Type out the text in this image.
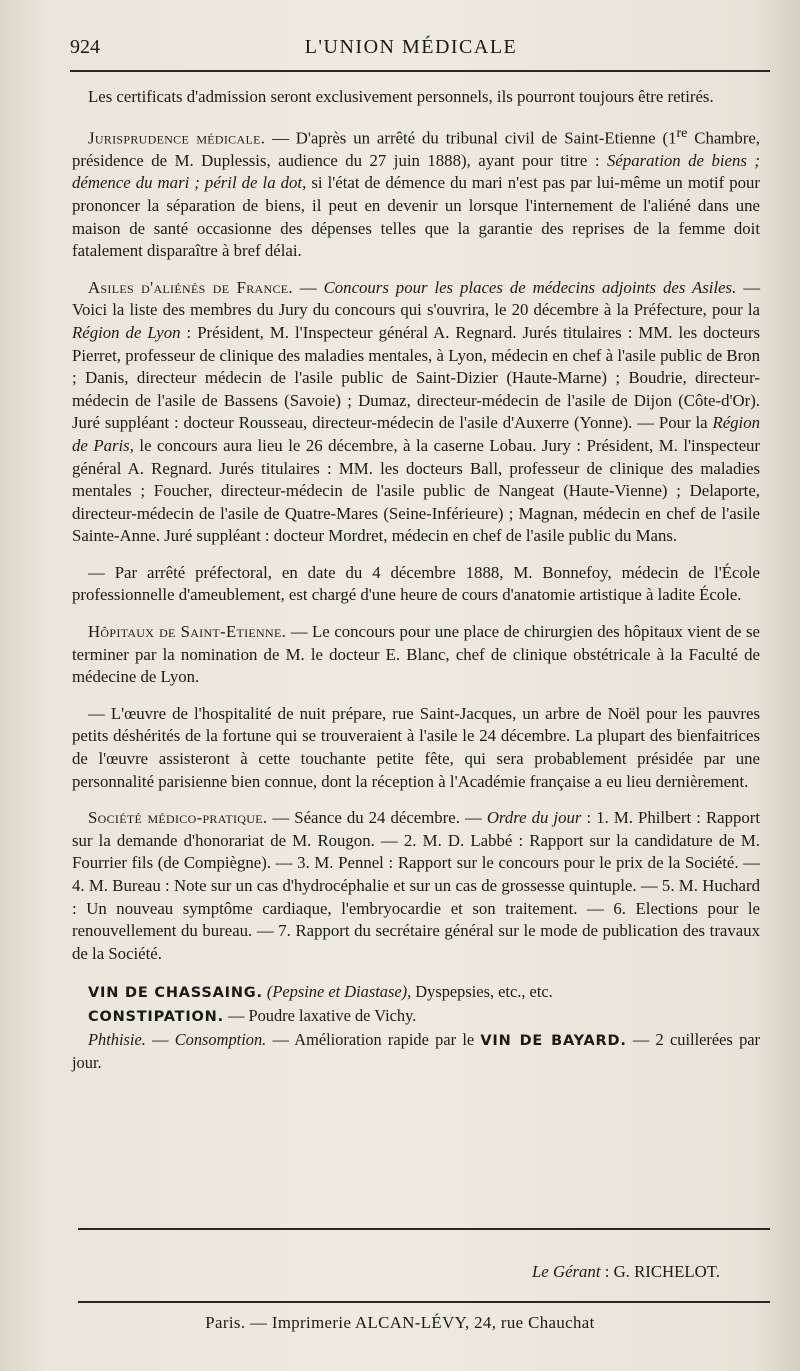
924	L'UNION MÉDICALE

Les certificats d'admission seront exclusivement personnels, ils pourront toujours être retirés.

Jurisprudence médicale. — D'après un arrêté du tribunal civil de Saint-Etienne (1re Chambre, présidence de M. Duplessis, audience du 27 juin 1888), ayant pour titre : Séparation de biens ; démence du mari ; péril de la dot, si l'état de démence du mari n'est pas par lui-même un motif pour prononcer la séparation de biens, il peut en devenir un lorsque l'internement de l'aliéné dans une maison de santé occasionne des dépenses telles que la garantie des reprises de la femme doit fatalement disparaître à bref délai.

Asiles d'aliénés de France. — Concours pour les places de médecins adjoints des Asiles. — Voici la liste des membres du Jury du concours qui s'ouvrira, le 20 décembre à la Préfecture, pour la Région de Lyon : Président, M. l'Inspecteur général A. Regnard. Jurés titulaires : MM. les docteurs Pierret, professeur de clinique des maladies mentales, à Lyon, médecin en chef à l'asile public de Bron ; Danis, directeur médecin de l'asile public de Saint-Dizier (Haute-Marne) ; Boudrie, directeur-médecin de l'asile de Bassens (Savoie) ; Dumaz, directeur-médecin de l'asile de Dijon (Côte-d'Or). Juré suppléant : docteur Rousseau, directeur-médecin de l'asile d'Auxerre (Yonne). — Pour la Région de Paris, le concours aura lieu le 26 décembre, à la caserne Lobau. Jury : Président, M. l'inspecteur général A. Regnard. Jurés titulaires : MM. les docteurs Ball, professeur de clinique des maladies mentales ; Foucher, directeur-médecin de l'asile public de Nangeat (Haute-Vienne) ; Delaporte, directeur-médecin de l'asile de Quatre-Mares (Seine-Inférieure) ; Magnan, médecin en chef de l'asile Sainte-Anne. Juré suppléant : docteur Mordret, médecin en chef de l'asile public du Mans.

— Par arrêté préfectoral, en date du 4 décembre 1888, M. Bonnefoy, médecin de l'École professionnelle d'ameublement, est chargé d'une heure de cours d'anatomie artistique à ladite École.

Hôpitaux de Saint-Etienne. — Le concours pour une place de chirurgien des hôpitaux vient de se terminer par la nomination de M. le docteur E. Blanc, chef de clinique obstétricale à la Faculté de médecine de Lyon.

— L'œuvre de l'hospitalité de nuit prépare, rue Saint-Jacques, un arbre de Noël pour les pauvres petits déshérités de la fortune qui se trouveraient à l'asile le 24 décembre. La plupart des bienfaitrices de l'œuvre assisteront à cette touchante petite fête, qui sera probablement présidée par une personnalité parisienne bien connue, dont la réception à l'Académie française a eu lieu dernièrement.

Société médico-pratique. — Séance du 24 décembre. — Ordre du jour : 1. M. Philbert : Rapport sur la demande d'honorariat de M. Rougon. — 2. M. D. Labbé : Rapport sur la candidature de M. Fourrier fils (de Compiègne). — 3. M. Pennel : Rapport sur le concours pour le prix de la Société. — 4. M. Bureau : Note sur un cas d'hydrocéphalie et sur un cas de grossesse quintuple. — 5. M. Huchard : Un nouveau symptôme cardiaque, l'embryocardie et son traitement. — 6. Elections pour le renouvellement du bureau. — 7. Rapport du secrétaire général sur le mode de publication des travaux de la Société.

VIN DE CHASSAING. (Pepsine et Diastase), Dyspepsies, etc., etc.

CONSTIPATION. — Poudre laxative de Vichy.

Phthisie. — Consomption. — Amélioration rapide par le VIN DE BAYARD. — 2 cuillerées par jour.

Le Gérant : G. RICHELOT.
Paris. — Imprimerie ALCAN-LÉVY, 24, rue Chauchat
